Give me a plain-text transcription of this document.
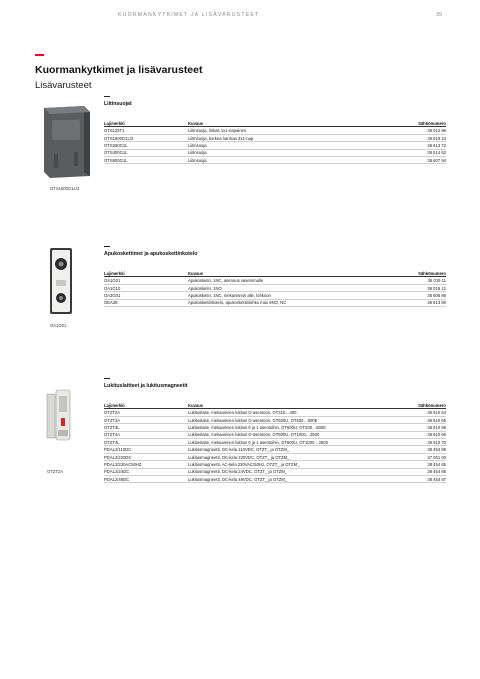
KUORMANKYTKIMET JA LISÄVARUSTEET	39
Kuormankytkimet ja lisävarusteet
Lisävarusteet
OTS1600G1L/3
OA1G01
OTZT2A
Liitinsuojat
Lajimerkki	Kuvaus	Sähkönumero
OTS125T1	Liitinsuoja, lirikas 1x1-napainen	36 012 96
OTS1600G1L/3	Liitinsuoja, korkea harmaa 3x1-nap.	36 618 24
OTS250G1L	Liitinsuoja	36 613 72
OTS400G1L	Liitinsuoja	36 614 62
OTS800G1L	Liitinsuoja	36 607 94
Apukoskettimet ja apukoskettinkotelo
Lajimerkki	Kuvaus	Sähkönumero
OA1G01	Apukosketin, 1NC, asennus vasemmalle	36 019 11
OA1G10	Apukosketin, 1NO	36 019 12
OA3G01	Apukosketin, 1NC, mekanismin alle, lohkoon	36 606 86
OEA28	Apukoskettinkotelo, apukoskettinlohko max 8NO, NC	36 613 80
Lukituslaitteet ja lukitusmagneetit
Lajimerkki	Kuvaus	Sähkönumero
OTZT2A	Lukituslaite, mekaaninen lukitus O-asentoon, OT315…400	36 610 64
OTZT3A	Lukituslaite, mekaaninen lukitus O-asentoon, OT600U, OT630…800E	36 610 65
OTZT3L	Lukituslaite, mekaaninen lukitus 0 ja 1 asentoihin, OT600U, OT630…800E	36 610 69
OTZT4A	Lukituslaite, mekaaninen lukitus O-asentoon, OT800U, OT1000…2500	36 610 66
OTZT4L	Lukituslaite, mekaaninen lukitus 0 ja 1 asentoihin, OT800U, OT1000…2500	36 610 70
PDAL2/110DC	Lukitusmagneetti, DC-kela 110VDC, OTZT_ ja OTZM_	38 454 89
PDAL2/220DC	Lukitusmagneetti, DC-kela 220VDC, OTZT_ ja OTZM_	37 061 00
PDAL2/230AC50HZ	Lukitusmagneetti, AC-kela 230VAC/50Hz, OTZT_ ja OTZM_	38 454 85
PDAL2/24DC	Lukitusmagneetti, DC-kela 24VDC, OTZT_ ja OTZM_	38 454 86
PDAL2/48DC	Lukitusmagneetti, DC-kela 48VDC, OTZT_ ja OTZM_	38 454 87
